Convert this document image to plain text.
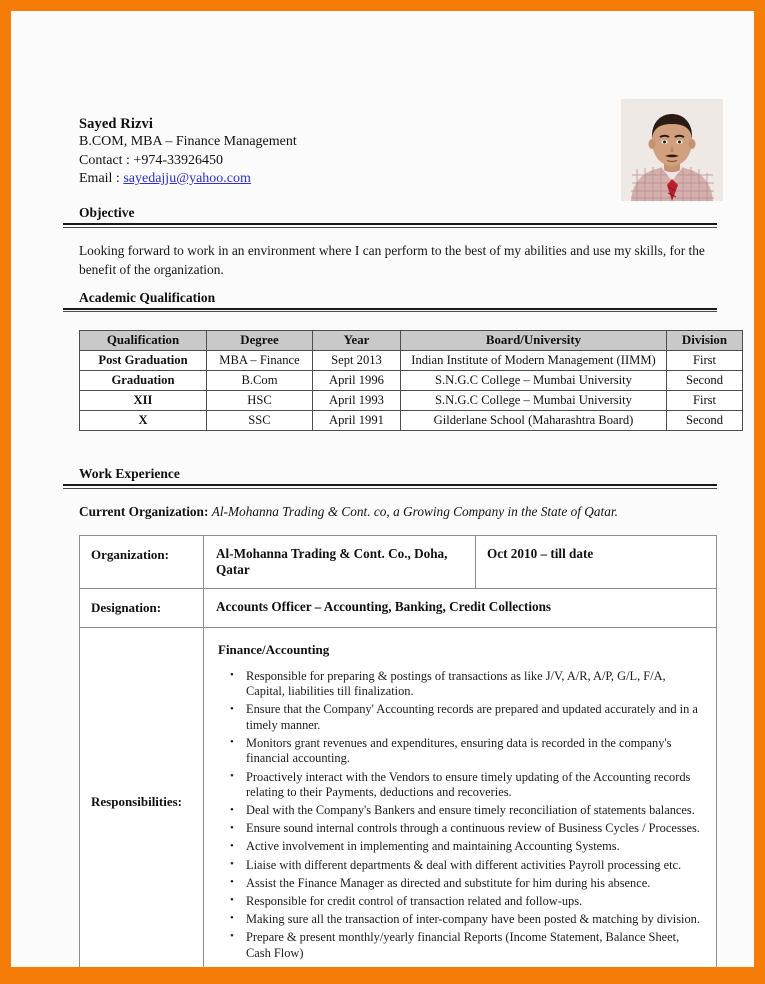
Sayed Rizvi
B.COM, MBA – Finance Management
Contact : +974-33926450
Email : sayedajju@yahoo.com
Objective
Looking forward to work in an environment where I can perform to the best of my abilities and use my skills, for the benefit of the organization.
Academic Qualification
Qualification	Degree	Year	Board/University	Division
Post Graduation	MBA – Finance	Sept 2013	Indian Institute of Modern Management (IIMM)	First
Graduation	B.Com	April 1996	S.N.G.C College – Mumbai University	Second
XII	HSC	April 1993	S.N.G.C College – Mumbai University	First
X	SSC	April 1991	Gilderlane School (Maharashtra Board)	Second
Work Experience
Current Organization: Al-Mohanna Trading & Cont. co, a Growing Company in the State of Qatar.
Organization:	Al-Mohanna Trading & Cont. Co., Doha, Qatar	Oct 2010 – till date
Designation:	Accounts Officer – Accounting, Banking, Credit Collections	
Responsibilities:	
Finance/Accounting
• Responsible for preparing & postings of transactions as like J/V, A/R, A/P, G/L, F/A, Capital, liabilities till finalization.
• Ensure that the Company' Accounting records are prepared and updated accurately and in a timely manner.
• Monitors grant revenues and expenditures, ensuring data is recorded in the company's financial accounting.
• Proactively interact with the Vendors to ensure timely updating of the Accounting records relating to their Payments, deductions and recoveries.
• Deal with the Company's Bankers and ensure timely reconciliation of statements balances.
• Ensure sound internal controls through a continuous review of Business Cycles / Processes.
• Active involvement in implementing and maintaining Accounting Systems.
• Liaise with different departments & deal with different activities Payroll processing etc.
• Assist the Finance Manager as directed and substitute for him during his absence.
• Responsible for credit control of transaction related and follow-ups.
• Making sure all the transaction of inter-company have been posted & matching by division.
• Prepare & present monthly/yearly financial Reports (Income Statement, Balance Sheet, Cash Flow)
